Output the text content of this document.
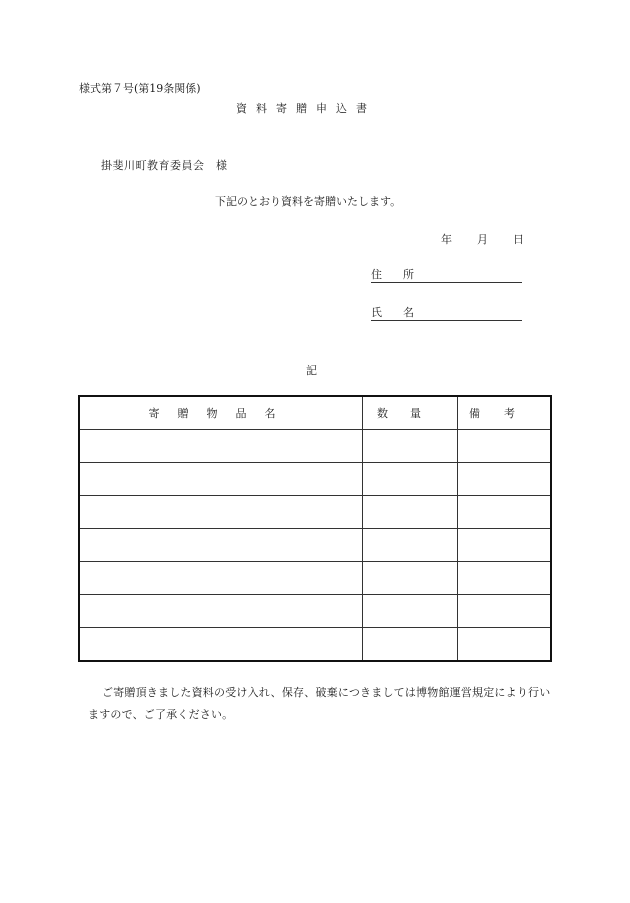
様式第７号(第19条関係)
資料寄贈申込書
掛斐川町教育委員会　様
下記のとおり資料を寄贈いたします。
年 月 日
住所
氏名
記
寄贈物品名	数量	備考

ご寄贈頂きました資料の受け入れ、保存、破棄につきましては博物館運営規定により行いますので、ご了承ください。
